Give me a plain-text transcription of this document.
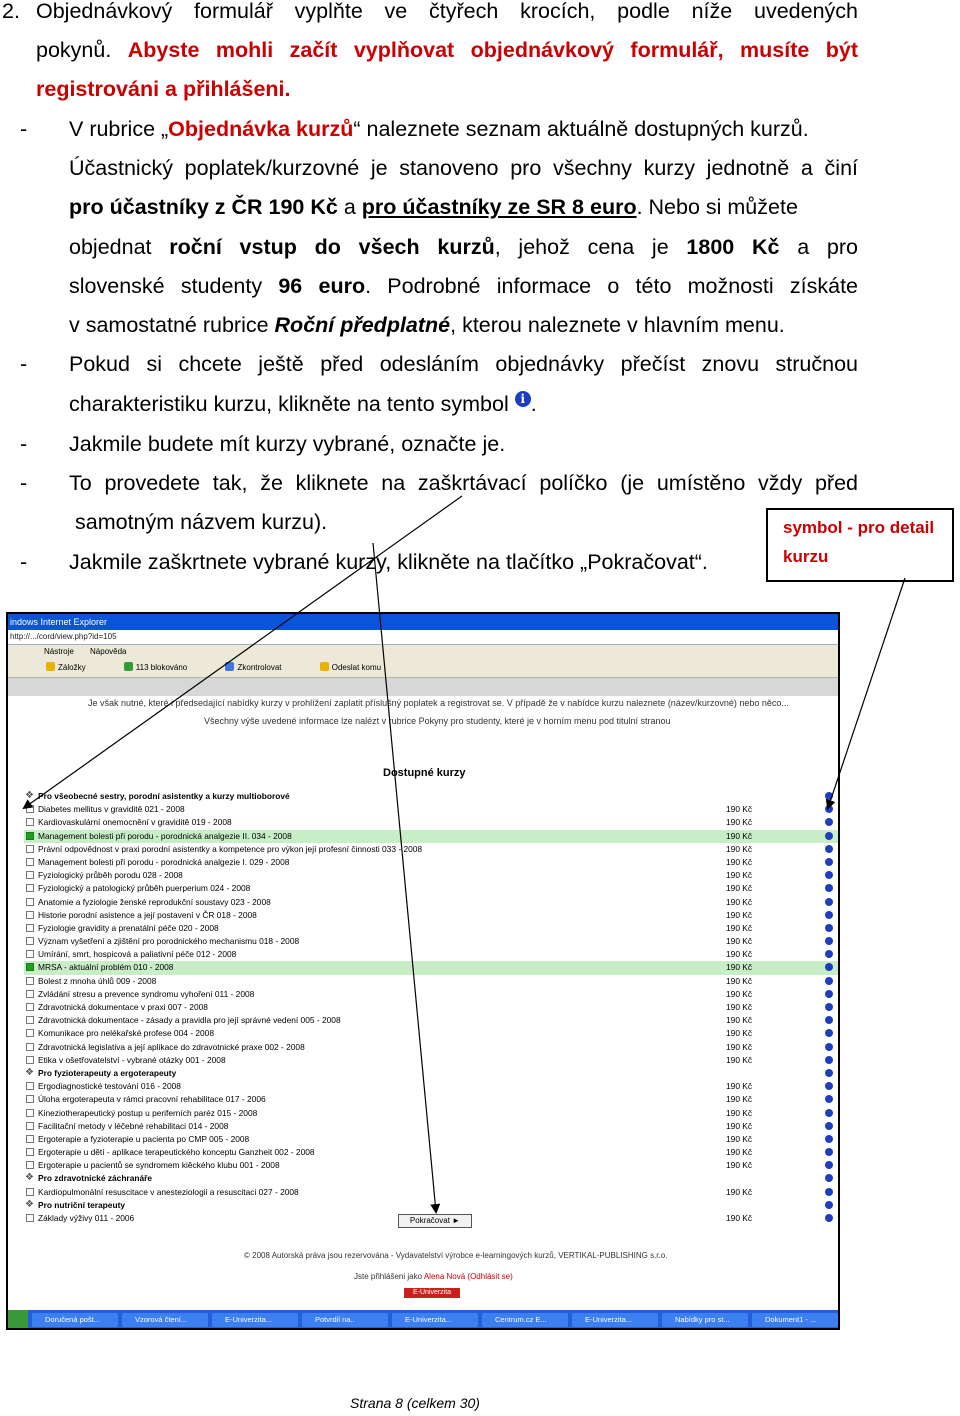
2. Objednávkový formulář vyplňte ve čtyřech krocích, podle níže uvedených
pokynů. Abyste mohli začít vyplňovat objednávkový formulář, musíte být
registrováni a přihlášeni.
- V rubrice „Objednávka kurzů“ naleznete seznam aktuálně dostupných kurzů.
Účastnický poplatek/kurzovné je stanoveno pro všechny kurzy jednotně a činí
pro účastníky z ČR 190 Kč a pro účastníky ze SR 8 euro. Nebo si můžete
objednat roční vstup do všech kurzů, jehož cena je 1800 Kč a pro
slovenské studenty 96 euro. Podrobné informace o této možnosti získáte
v samostatné rubrice Roční předplatné, kterou naleznete v hlavním menu.
- Pokud si chcete ještě před odesláním objednávky přečíst znovu stručnou
charakteristiku kurzu, klikněte na tento symbol i .
- Jakmile budete mít kurzy vybrané, označte je.
- To provedete tak, že kliknete na zaškrtávací políčko (je umístěno vždy před
samotným názvem kurzu).
- Jakmile zaškrtnete vybrané kurzy, klikněte na tlačítko „Pokračovat“.
symbol - pro detail
kurzu
indows Internet Explorer
http://.../cord/view.php?id=105
Nástroje Nápověda
Záložky	113 blokováno	Zkontrolovat	Odeslat komu
Je však nutné, které i předsedající nabídky kurzy v prohlížení zaplatit příslušný poplatek a registrovat se. V případě že v nabídce kurzu naleznete (název/kurzovné) nebo něco...
Všechny výše uvedené informace lze nalézt v rubrice Pokyny pro studenty, které je v horním menu pod titulní stranou
Dostupné kurzy
❖ Pro všeobecné sestry, porodní asistentky a kurzy multioborové
Diabetes mellitus v graviditě 021 - 2008	190 Kč
Kardiovaskulární onemocnění v graviditě 019 - 2008	190 Kč
Management bolesti při porodu - porodnická analgezie II. 034 - 2008	190 Kč
Právní odpovědnost v praxi porodní asistentky a kompetence pro výkon její profesní činnosti 033 - 2008	190 Kč
Management bolesti při porodu - porodnická analgezie I. 029 - 2008	190 Kč
Fyziologický průběh porodu 028 - 2008	190 Kč
Fyziologický a patologický průběh puerperium 024 - 2008	190 Kč
Anatomie a fyziologie ženské reprodukční soustavy 023 - 2008	190 Kč
Historie porodní asistence a její postavení v ČR 018 - 2008	190 Kč
Fyziologie gravidity a prenatální péče 020 - 2008	190 Kč
Význam vyšetření a zjištění pro porodnického mechanismu 018 - 2008	190 Kč
Umírání, smrt, hospicová a paliativní péče 012 - 2008	190 Kč
MRSA - aktuální problém 010 - 2008	190 Kč
Bolest z mnoha úhlů 009 - 2008	190 Kč
Zvládání stresu a prevence syndromu vyhoření 011 - 2008	190 Kč
Zdravotnická dokumentace v praxi 007 - 2008	190 Kč
Zdravotnická dokumentace - zásady a pravidla pro její správné vedení 005 - 2008	190 Kč
Komunikace pro nelékařské profese 004 - 2008	190 Kč
Zdravotnická legislativa a její aplikace do zdravotnické praxe 002 - 2008	190 Kč
Etika v ošetřovatelství - vybrané otázky 001 - 2008	190 Kč
❖ Pro fyzioterapeuty a ergoterapeuty
Ergodiagnostické testování 016 - 2008	190 Kč
Úloha ergoterapeuta v rámci pracovní rehabilitace 017 - 2006	190 Kč
Kineziotherapeutický postup u periferních paréz 015 - 2008	190 Kč
Facilitační metody v léčebné rehabilitaci 014 - 2008	190 Kč
Ergoterapie a fyzioterapie u pacienta po CMP 005 - 2008	190 Kč
Ergoterapie u dětí - aplikace terapeutického konceptu Ganzheit 002 - 2008	190 Kč
Ergoterapie u pacientů se syndromem kiěckého klubu 001 - 2008	190 Kč
❖ Pro zdravotnické záchranáře
Kardiopulmonální resuscitace v anesteziologii a resuscitaci 027 - 2008	190 Kč
❖ Pro nutriční terapeuty
Základy výživy 011 - 2006	190 Kč
Pokračovat ►
© 2008 Autorská práva jsou rezervována - Vydavatelství výrobce e-learningových kurzů, VERTIKAL-PUBLISHING s.r.o.
Jste přihlášeni jako Alena Nová (Odhlásit se)
E-Univerzita
Doručená pošt...	Vzorová čtení...	E-Univerzita...	Potvrdil na..	E-Univerzita...	Centrum.cz E...	E-Univerzita...	Nabídky pro st...	Dokument1 - ...
Strana 8 (celkem 30)
